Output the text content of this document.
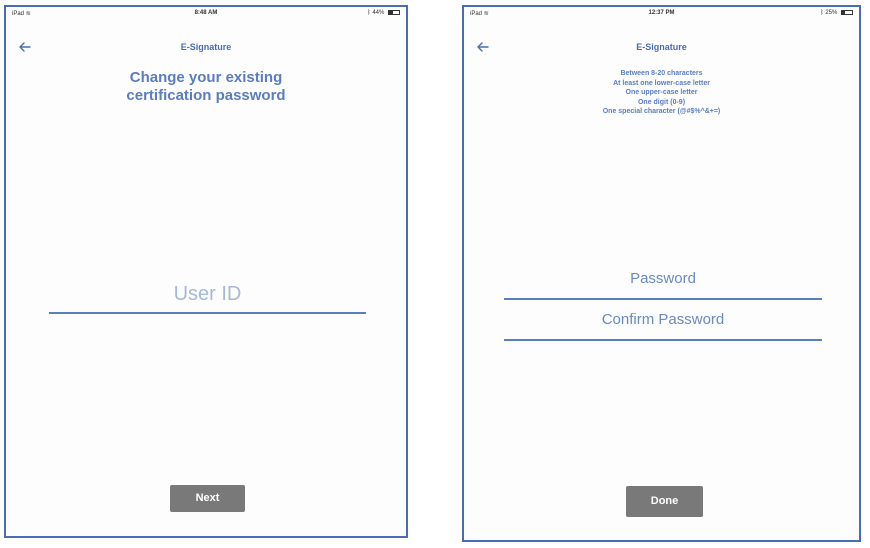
iPad ≋	8:48 AM	ᛒ 44%
E-Signature
Change your existing
certification password
User ID
Next
iPad ≋	12:37 PM	ᛒ 25%
E-Signature
Between 8-20 characters
At least one lower-case letter
One upper-case letter
One digit (0-9)
One special character (@#$%^&+=)
Password
Confirm Password
Done
